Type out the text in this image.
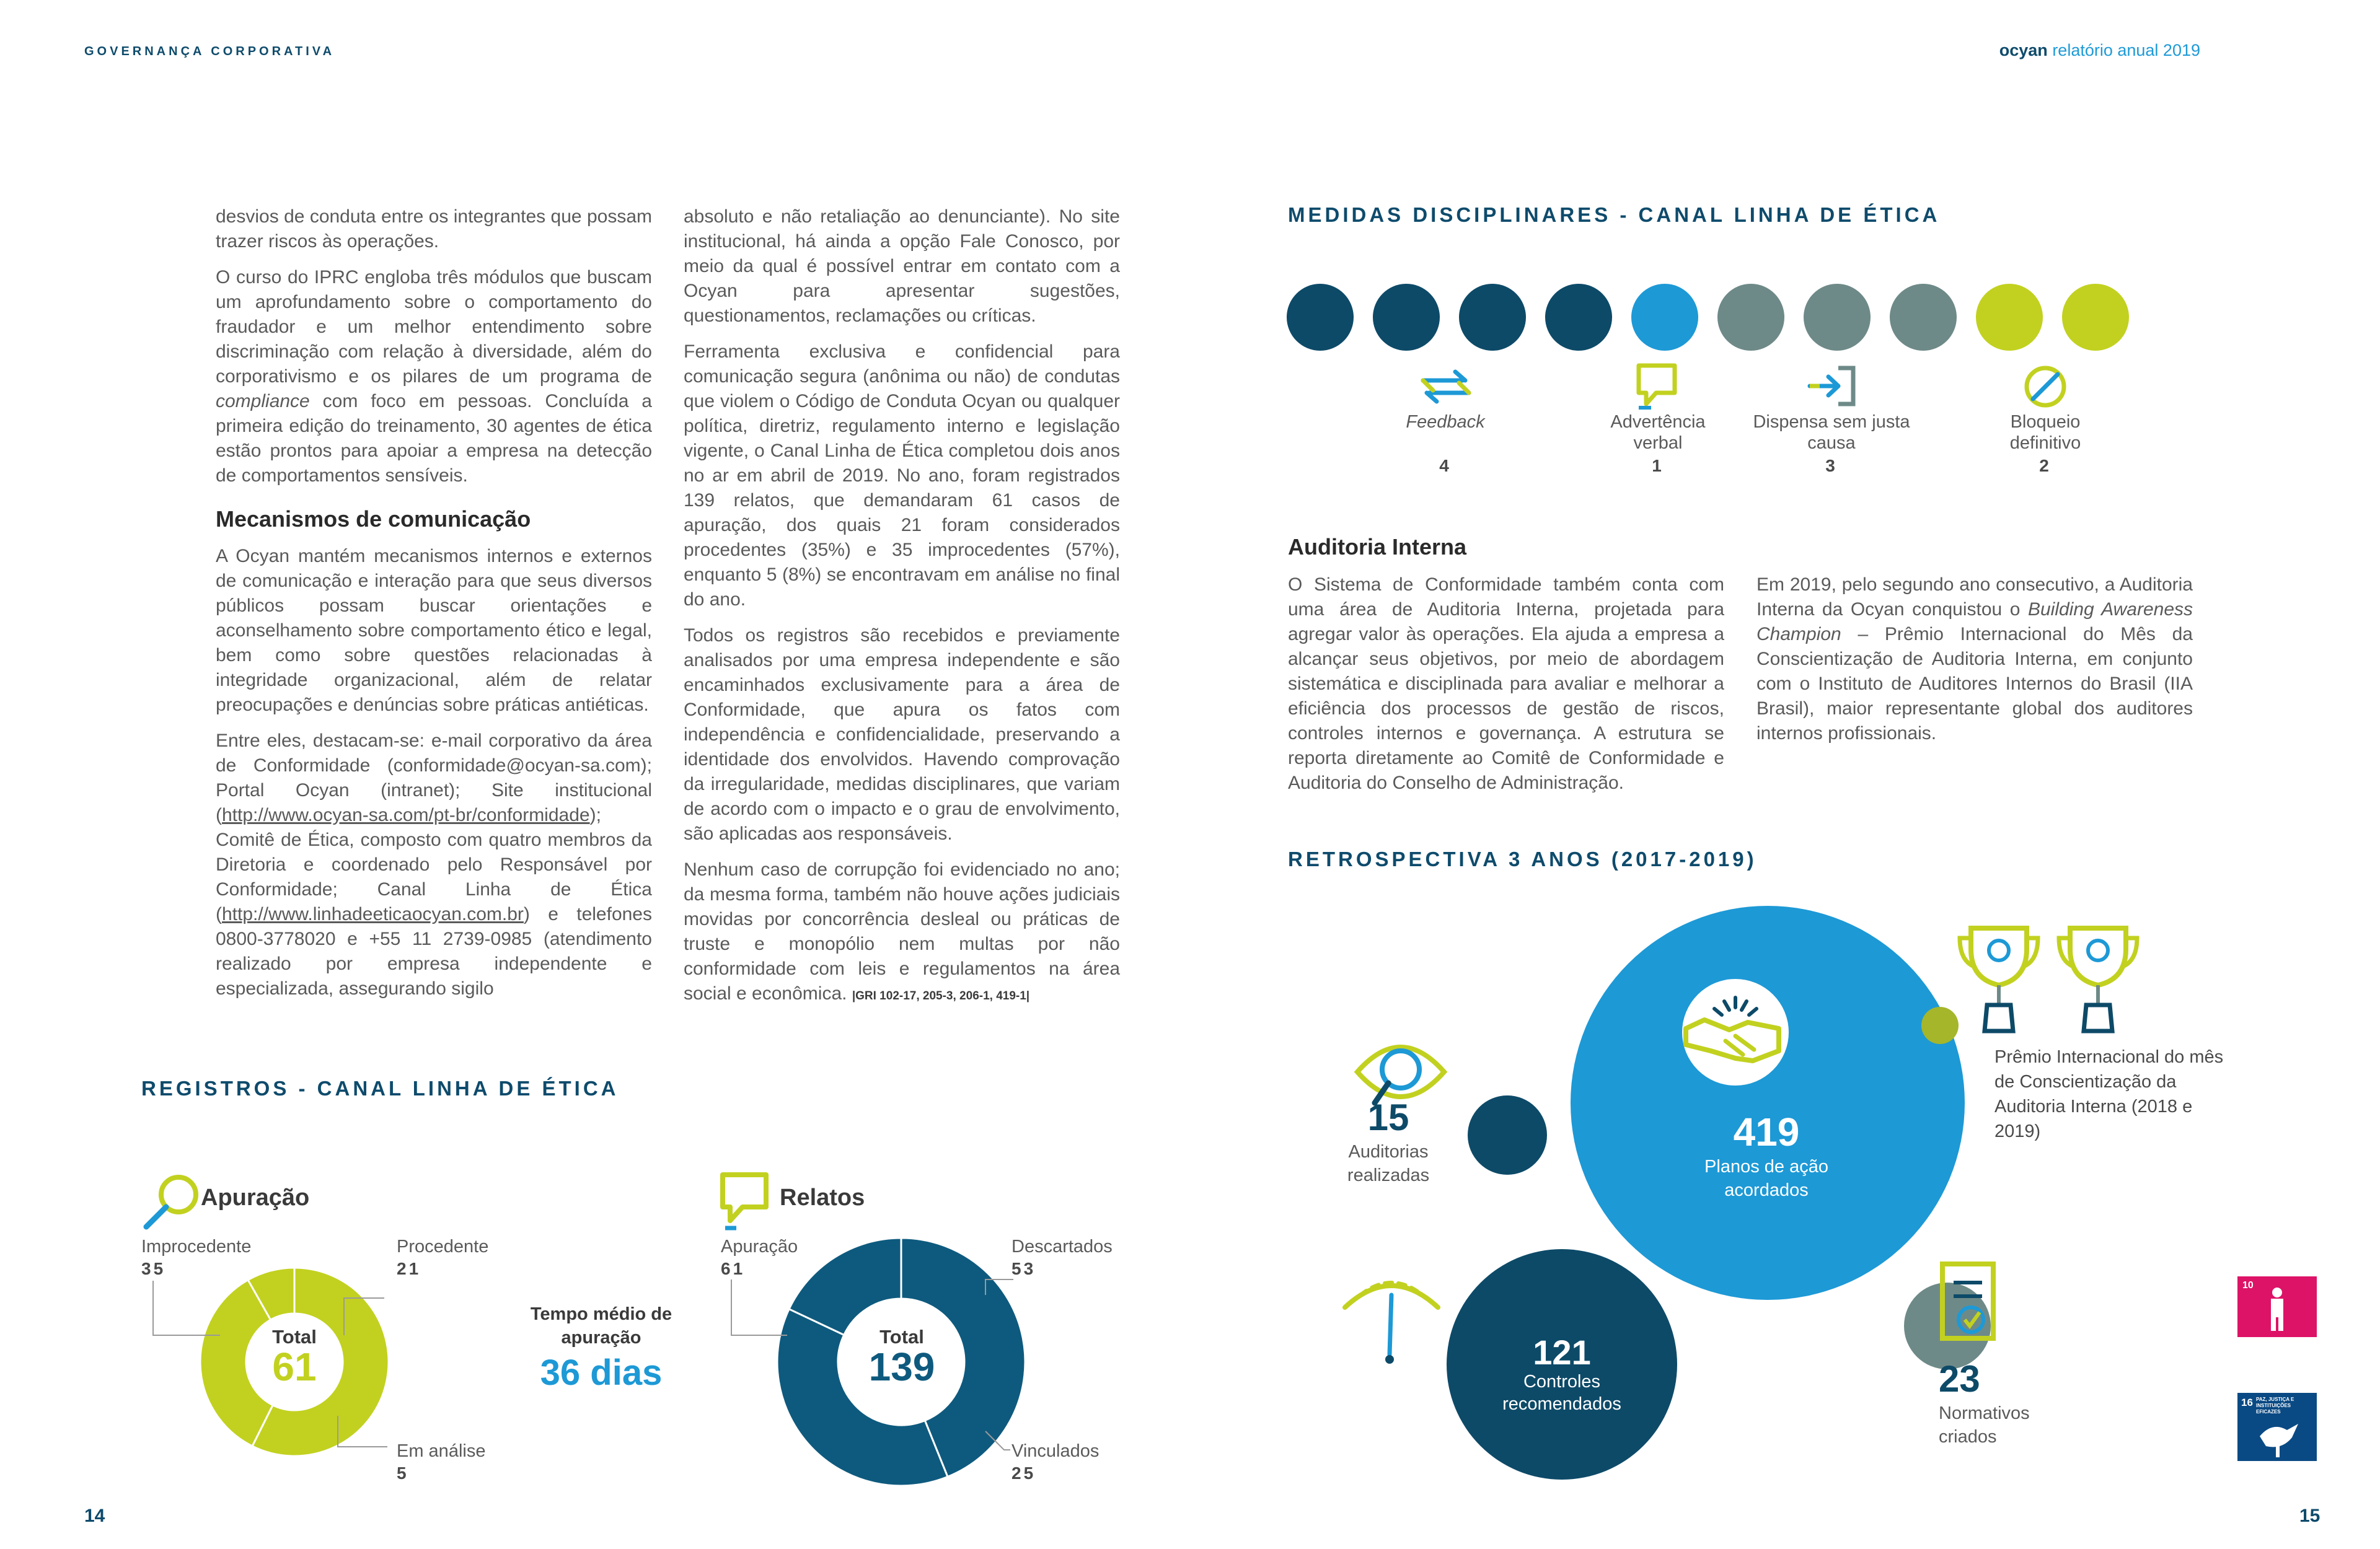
GOVERNANÇA CORPORATIVA	ocyan relatório anual 2019

desvios de conduta entre os integrantes que possam trazer riscos às operações.

O curso do IPRC engloba três módulos que buscam um aprofundamento sobre o comportamento do fraudador e um melhor entendimento sobre discriminação com relação à diversidade, além do corporativismo e os pilares de um programa de compliance com foco em pessoas. Concluída a primeira edição do treinamento, 30 agentes de ética estão prontos para apoiar a empresa na detecção de comportamentos sensíveis.

Mecanismos de comunicação

A Ocyan mantém mecanismos internos e externos de comunicação e interação para que seus diversos públicos possam buscar orientações e aconselhamento sobre comportamento ético e legal, bem como sobre questões relacionadas à integridade organizacional, além de relatar preocupações e denúncias sobre práticas antiéticas.

Entre eles, destacam-se: e-mail corporativo da área de Conformidade (conformidade@ocyan-sa.com); Portal Ocyan (intranet); Site institucional (http://www.ocyan-sa.com/pt-br/conformidade); Comitê de Ética, composto com quatro membros da Diretoria e coordenado pelo Responsável por Conformidade; Canal Linha de Ética (http://www.linhadeeticaocyan.com.br) e telefones 0800-3778020 e +55 11 2739-0985 (atendimento realizado por empresa independente e especializada, assegurando sigilo

absoluto e não retaliação ao denunciante). No site institucional, há ainda a opção Fale Conosco, por meio da qual é possível entrar em contato com a Ocyan para apresentar sugestões, questionamentos, reclamações ou críticas.

Ferramenta exclusiva e confidencial para comunicação segura (anônima ou não) de condutas que violem o Código de Conduta Ocyan ou qualquer política, diretriz, regulamento interno e legislação vigente, o Canal Linha de Ética completou dois anos no ar em abril de 2019. No ano, foram registrados 139 relatos, que demandaram 61 casos de apuração, dos quais 21 foram considerados procedentes (35%) e 35 improcedentes (57%), enquanto 5 (8%) se encontravam em análise no final do ano.

Todos os registros são recebidos e previamente analisados por uma empresa independente e são encaminhados exclusivamente para a área de Conformidade, que apura os fatos com independência e confidencialidade, preservando a identidade dos envolvidos. Havendo comprovação da irregularidade, medidas disciplinares, que variam de acordo com o impacto e o grau de envolvimento, são aplicadas aos responsáveis.

Nenhum caso de corrupção foi evidenciado no ano; da mesma forma, também não houve ações judiciais movidas por concorrência desleal ou práticas de truste e monopólio nem multas por não conformidade com leis e regulamentos na área social e econômica. |GRI 102-17, 205-3, 206-1, 419-1|

REGISTROS - CANAL LINHA DE ÉTICA
Apuração
Improcedente
35
Procedente
21
Em análise
5
Total
61
Tempo médio de apuração
36 dias
Relatos
Apuração
61
Descartados
53
Vinculados
25
Total
139
14	15
MEDIDAS DISCIPLINARES - CANAL LINHA DE ÉTICA
Feedback
4
Advertência verbal
1
Dispensa sem justa causa
3
Bloqueio definitivo
2
Auditoria Interna

O Sistema de Conformidade também conta com uma área de Auditoria Interna, projetada para agregar valor às operações. Ela ajuda a empresa a alcançar seus objetivos, por meio de abordagem sistemática e disciplinada para avaliar e melhorar a eficiência dos processos de gestão de riscos, controles internos e governança. A estrutura se reporta diretamente ao Comitê de Conformidade e Auditoria do Conselho de Administração.

Em 2019, pelo segundo ano consecutivo, a Auditoria Interna da Ocyan conquistou o Building Awareness Champion – Prêmio Internacional do Mês da Conscientização de Auditoria Interna, em conjunto com o Instituto de Auditores Internos do Brasil (IIA Brasil), maior representante global dos auditores internos profissionais.

RETROSPECTIVA 3 ANOS (2017-2019)
419
Planos de ação acordados
15
Auditorias realizadas
121
Controles recomendados
23
Normativos criados
Prêmio Internacional do mês de Conscientização da Auditoria Interna (2018 e 2019)
10
16 PAZ, JUSTIÇA E INSTITUIÇÕES EFICAZES
